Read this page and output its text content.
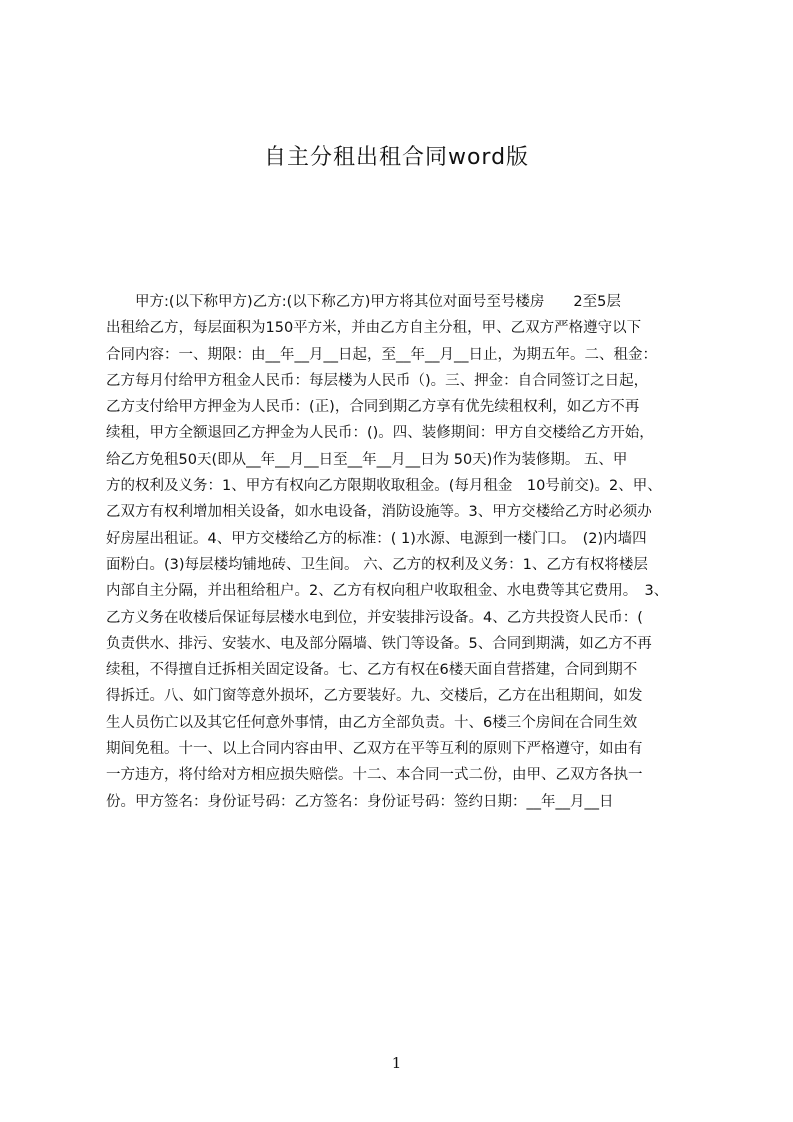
自主分租出租合同word版
　　甲方:(以下称甲方)乙方:(以下称乙方)甲方将其位对面号至号楼房　　2至5层
出租给乙方，每层面积为150平方米，并由乙方自主分租，甲、乙双方严格遵守以下
合同内容：一、期限：由__年__月__日起，至__年__月__日止，为期五年。二、租金：
乙方每月付给甲方租金人民币：每层楼为人民币（)。三、押金：自合同签订之日起，
乙方支付给甲方押金为人民币：(正)，合同到期乙方享有优先续租权利，如乙方不再
续租，甲方全额退回乙方押金为人民币：()。四、装修期间：甲方自交楼给乙方开始，
给乙方免租50天(即从__年__月__日至__年__月__日为 50天)作为装修期。 五、甲
方的权利及义务：1、甲方有权向乙方限期收取租金。(每月租金　10号前交)。2、甲、
乙双方有权利增加相关设备，如水电设备，消防设施等。3、甲方交楼给乙方时必须办
好房屋出租证。4、甲方交楼给乙方的标准：( 1)水源、电源到一楼门口。　(2)内墙四
面粉白。(3)每层楼均铺地砖、卫生间。 六、乙方的权利及义务：1、乙方有权将楼层
内部自主分隔，并出租给租户。2、乙方有权向租户收取租金、水电费等其它费用。　3、
乙方义务在收楼后保证每层楼水电到位，并安装排污设备。4、乙方共投资人民币：(
负责供水、排污、安装水、电及部分隔墙、铁门等设备。5、合同到期满，如乙方不再
续租，不得擅自迁拆相关固定设备。七、乙方有权在6楼天面自营搭建，合同到期不
得拆迁。八、如门窗等意外损坏，乙方要装好。九、交楼后，乙方在出租期间，如发
生人员伤亡以及其它任何意外事情，由乙方全部负责。十、6楼三个房间在合同生效
期间免租。十一、以上合同内容由甲、乙双方在平等互利的原则下严格遵守，如由有
一方违方，将付给对方相应损失赔偿。十二、本合同一式二份，由甲、乙双方各执一
份。甲方签名：身份证号码：乙方签名：身份证号码：签约日期：__年__月__日
1
